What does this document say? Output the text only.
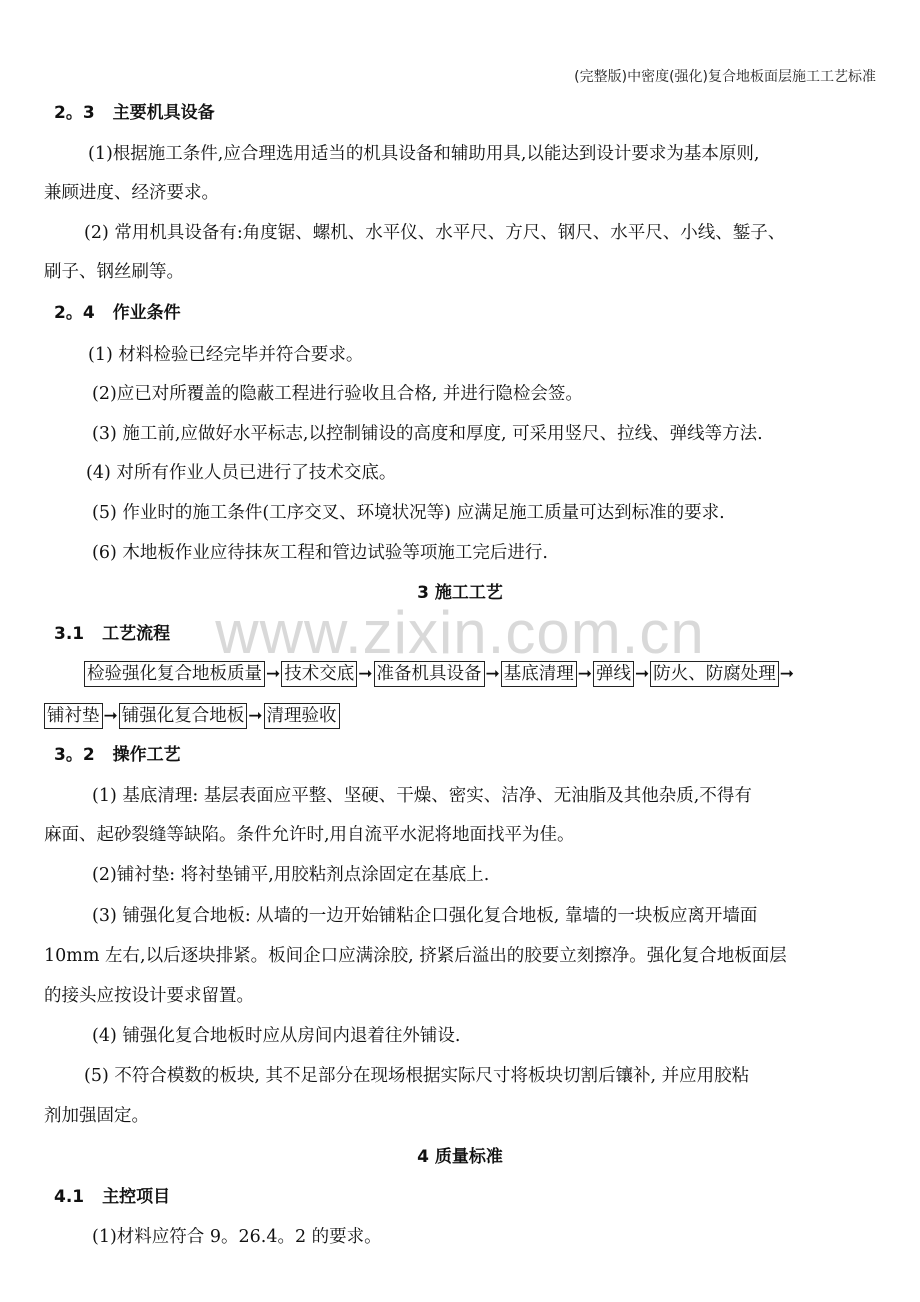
(完整版)中密度(强化)复合地板面层施工工艺标准
www.zixin.com.cn
2。3 主要机具设备
(1)根据施工条件,应合理选用适当的机具设备和辅助用具,以能达到设计要求为基本原则,
兼顾进度、经济要求。
(2) 常用机具设备有:角度锯、螺机、水平仪、水平尺、方尺、钢尺、水平尺、小线、錾子、
刷子、钢丝刷等。
2。4 作业条件
(1) 材料检验已经完毕并符合要求。
(2)应已对所覆盖的隐蔽工程进行验收且合格, 并进行隐检会签。
(3) 施工前,应做好水平标志,以控制铺设的高度和厚度, 可采用竖尺、拉线、弹线等方法.
(4) 对所有作业人员已进行了技术交底。
(5) 作业时的施工条件(工序交叉、环境状况等) 应满足施工质量可达到标准的要求.
(6) 木地板作业应待抹灰工程和管边试验等项施工完后进行.
3 施工工艺
3.1 工艺流程
检验强化复合地板质量 ➞ 技术交底 ➞ 准备机具设备 ➞ 基底清理 ➞ 弹线 ➞ 防火、防腐处理 ➞
铺衬垫 ➞ 铺强化复合地板 ➞ 清理验收
3。2 操作工艺
(1) 基底清理: 基层表面应平整、坚硬、干燥、密实、洁净、无油脂及其他杂质,不得有
麻面、起砂裂缝等缺陷。条件允许时,用自流平水泥将地面找平为佳。
(2)铺衬垫: 将衬垫铺平,用胶粘剂点涂固定在基底上.
(3) 铺强化复合地板: 从墙的一边开始铺粘企口强化复合地板, 靠墙的一块板应离开墙面
10mm 左右,以后逐块排紧。板间企口应满涂胶, 挤紧后溢出的胶要立刻擦净。强化复合地板面层
的接头应按设计要求留置。
(4) 铺强化复合地板时应从房间内退着往外铺设.
(5) 不符合模数的板块, 其不足部分在现场根据实际尺寸将板块切割后镶补, 并应用胶粘
剂加强固定。
4 质量标准
4.1 主控项目
(1)材料应符合 9。26.4。2 的要求。
